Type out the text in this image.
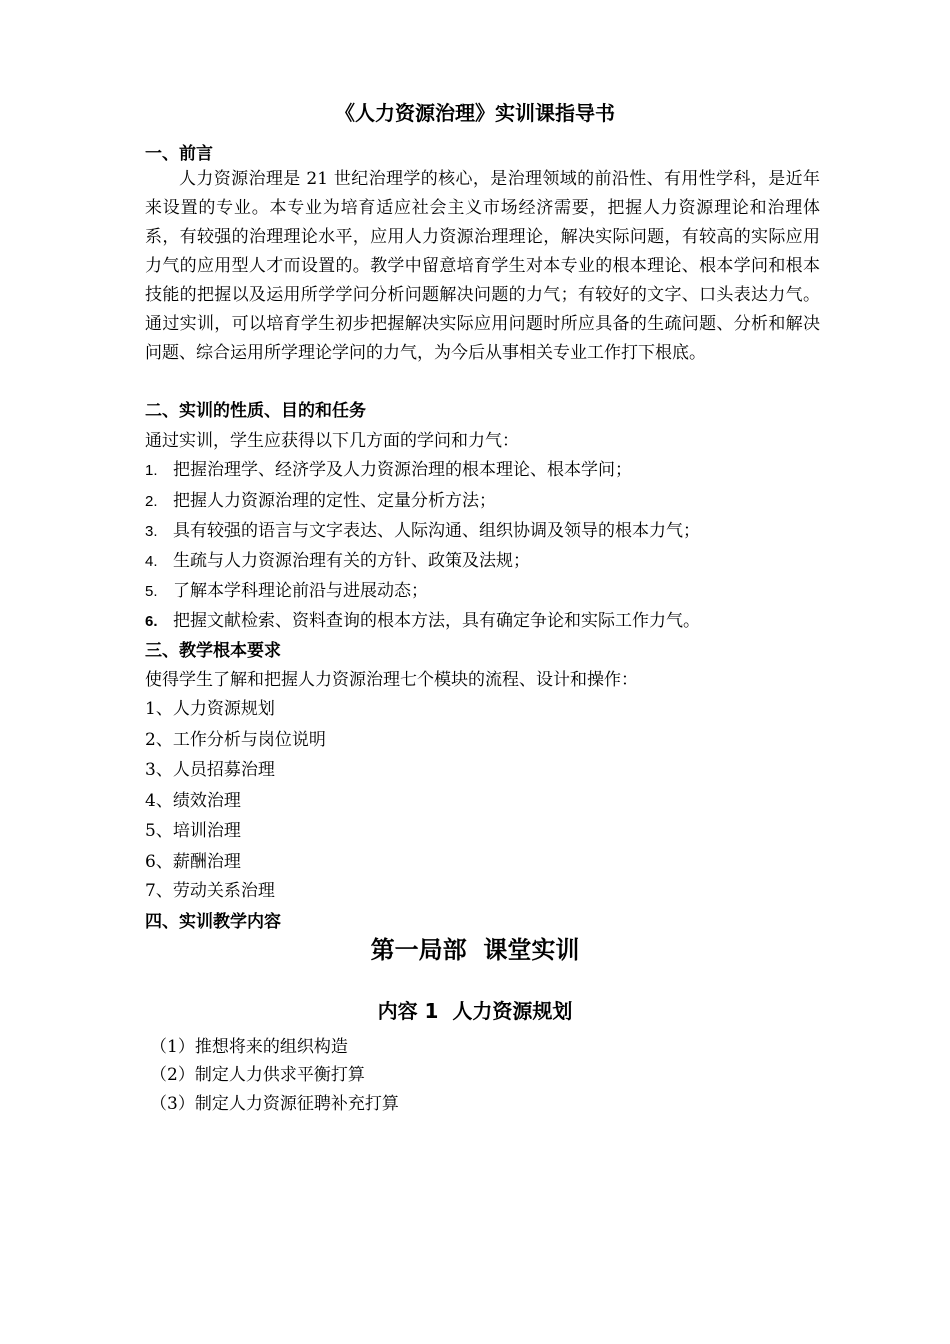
《人力资源治理》实训课指导书
一、前言
人力资源治理是 21 世纪治理学的核心，是治理领域的前沿性、有用性学科，是近年来设置的专业。本专业为培育适应社会主义市场经济需要，把握人力资源理论和治理体系，有较强的治理理论水平，应用人力资源治理理论，解决实际问题，有较高的实际应用力气的应用型人才而设置的。教学中留意培育学生对本专业的根本理论、根本学问和根本技能的把握以及运用所学学问分析问题解决问题的力气；有较好的文字、口头表达力气。通过实训，可以培育学生初步把握解决实际应用问题时所应具备的生疏问题、分析和解决问题、综合运用所学理论学问的力气，为今后从事相关专业工作打下根底。
二、实训的性质、目的和任务
通过实训，学生应获得以下几方面的学问和力气：
1. 把握治理学、经济学及人力资源治理的根本理论、根本学问；
2. 把握人力资源治理的定性、定量分析方法；
3. 具有较强的语言与文字表达、人际沟通、组织协调及领导的根本力气；
4. 生疏与人力资源治理有关的方针、政策及法规；
5. 了解本学科理论前沿与进展动态；
6. 把握文献检索、资料查询的根本方法，具有确定争论和实际工作力气。
三、教学根本要求
使得学生了解和把握人力资源治理七个模块的流程、设计和操作：
1、人力资源规划
2、工作分析与岗位说明
3、人员招募治理
4、绩效治理
5、培训治理
6、薪酬治理
7、劳动关系治理
四、实训教学内容
第一局部  课堂实训
内容 1  人力资源规划
（1）推想将来的组织构造
（2）制定人力供求平衡打算
（3）制定人力资源征聘补充打算
